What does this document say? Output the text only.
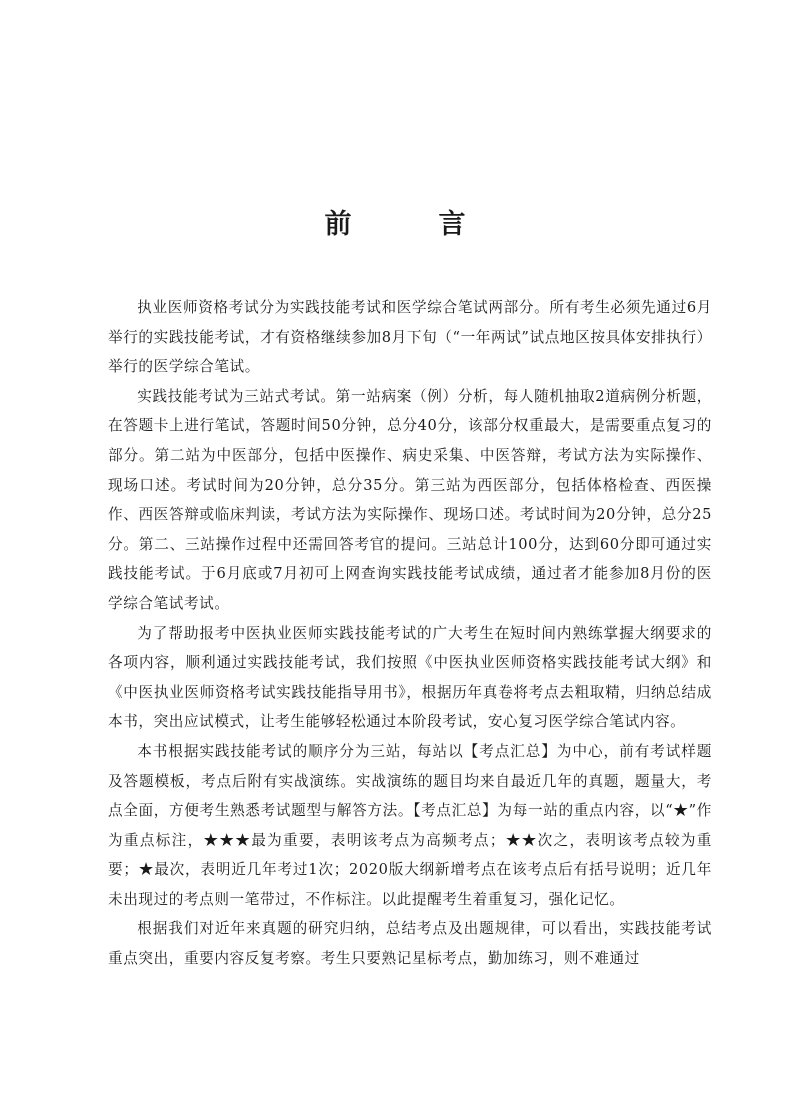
前　言

执业医师资格考试分为实践技能考试和医学综合笔试两部分。所有考生必须先通过6月举行的实践技能考试，才有资格继续参加8月下旬（“一年两试”试点地区按具体安排执行）举行的医学综合笔试。

实践技能考试为三站式考试。第一站病案（例）分析，每人随机抽取2道病例分析题，在答题卡上进行笔试，答题时间50分钟，总分40分，该部分权重最大，是需要重点复习的部分。第二站为中医部分，包括中医操作、病史采集、中医答辩，考试方法为实际操作、现场口述。考试时间为20分钟，总分35分。第三站为西医部分，包括体格检查、西医操作、西医答辩或临床判读，考试方法为实际操作、现场口述。考试时间为20分钟，总分25分。第二、三站操作过程中还需回答考官的提问。三站总计100分，达到60分即可通过实践技能考试。于6月底或7月初可上网查询实践技能考试成绩，通过者才能参加8月份的医学综合笔试考试。

为了帮助报考中医执业医师实践技能考试的广大考生在短时间内熟练掌握大纲要求的各项内容，顺利通过实践技能考试，我们按照《中医执业医师资格实践技能考试大纲》和《中医执业医师资格考试实践技能指导用书》，根据历年真卷将考点去粗取精，归纳总结成本书，突出应试模式，让考生能够轻松通过本阶段考试，安心复习医学综合笔试内容。

本书根据实践技能考试的顺序分为三站，每站以【考点汇总】为中心，前有考试样题及答题模板，考点后附有实战演练。实战演练的题目均来自最近几年的真题，题量大，考点全面，方便考生熟悉考试题型与解答方法。【考点汇总】为每一站的重点内容，以“★”作为重点标注，★★★最为重要，表明该考点为高频考点；★★次之，表明该考点较为重要；★最次，表明近几年考过1次；2020版大纲新增考点在该考点后有括号说明；近几年未出现过的考点则一笔带过，不作标注。以此提醒考生着重复习，强化记忆。

根据我们对近年来真题的研究归纳，总结考点及出题规律，可以看出，实践技能考试重点突出，重要内容反复考察。考生只要熟记星标考点，勤加练习，则不难通过
